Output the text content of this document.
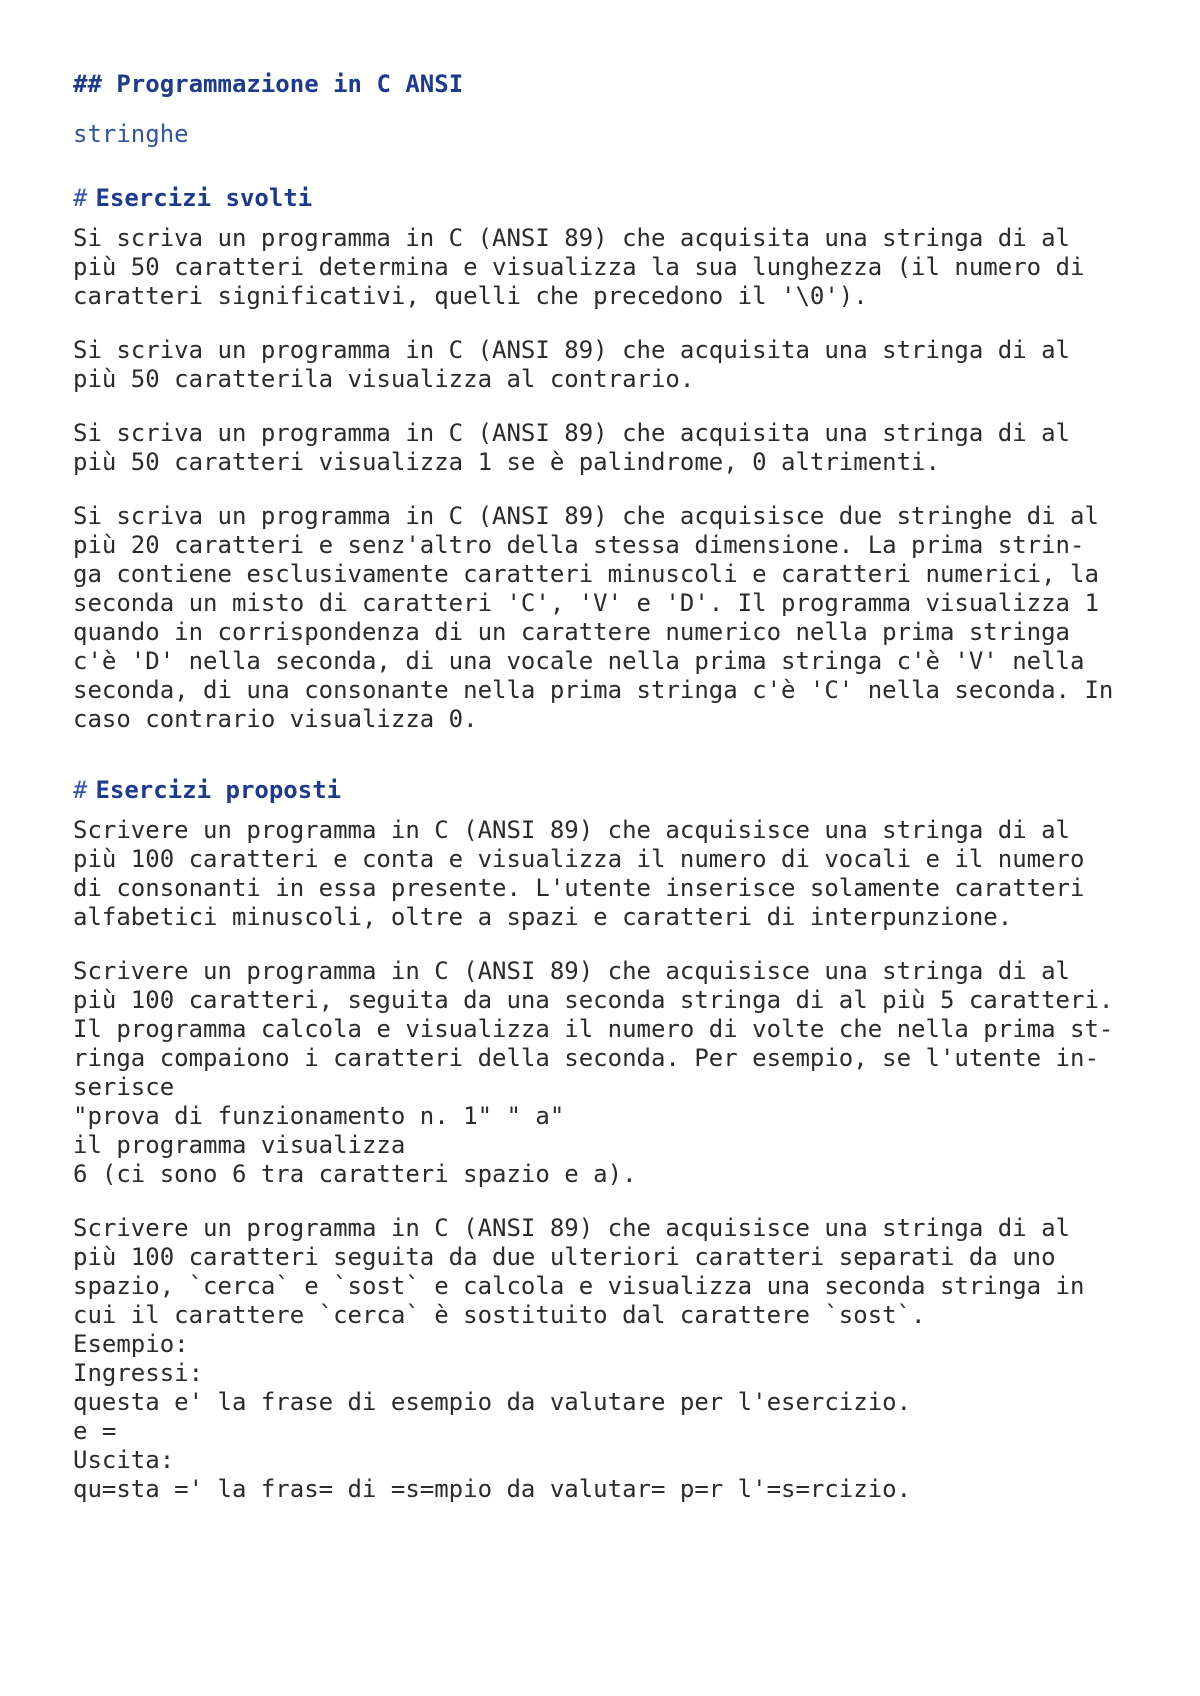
## Programmazione in C ANSI
stringhe
# Esercizi svolti

Si scriva un programma in C (ANSI 89) che acquisita una stringa di al
più 50 caratteri determina e visualizza la sua lunghezza (il numero di
caratteri significativi, quelli che precedono il '\0').

Si scriva un programma in C (ANSI 89) che acquisita una stringa di al
più 50 caratterila visualizza al contrario.

Si scriva un programma in C (ANSI 89) che acquisita una stringa di al
più 50 caratteri visualizza 1 se è palindrome, 0 altrimenti.

Si scriva un programma in C (ANSI 89) che acquisisce due stringhe di al
più 20 caratteri e senz'altro della stessa dimensione. La prima strin-
ga contiene esclusivamente caratteri minuscoli e caratteri numerici, la
seconda un misto di caratteri 'C', 'V' e 'D'. Il programma visualizza 1
quando in corrispondenza di un carattere numerico nella prima stringa
c'è 'D' nella seconda, di una vocale nella prima stringa c'è 'V' nella
seconda, di una consonante nella prima stringa c'è 'C' nella seconda. In
caso contrario visualizza 0.

# Esercizi proposti

Scrivere un programma in C (ANSI 89) che acquisisce una stringa di al
più 100 caratteri e conta e visualizza il numero di vocali e il numero
di consonanti in essa presente. L'utente inserisce solamente caratteri
alfabetici minuscoli, oltre a spazi e caratteri di interpunzione.

Scrivere un programma in C (ANSI 89) che acquisisce una stringa di al
più 100 caratteri, seguita da una seconda stringa di al più 5 caratteri.
Il programma calcola e visualizza il numero di volte che nella prima st-
ringa compaiono i caratteri della seconda. Per esempio, se l'utente in-
serisce
"prova di funzionamento n. 1" " a"
il programma visualizza
6 (ci sono 6 tra caratteri spazio e a).

Scrivere un programma in C (ANSI 89) che acquisisce una stringa di al
più 100 caratteri seguita da due ulteriori caratteri separati da uno
spazio, `cerca` e `sost` e calcola e visualizza una seconda stringa in
cui il carattere `cerca` è sostituito dal carattere `sost`.
Esempio:
Ingressi:
questa e' la frase di esempio da valutare per l'esercizio.
e =
Uscita:
qu=sta =' la fras= di =s=mpio da valutar= p=r l'=s=rcizio.
